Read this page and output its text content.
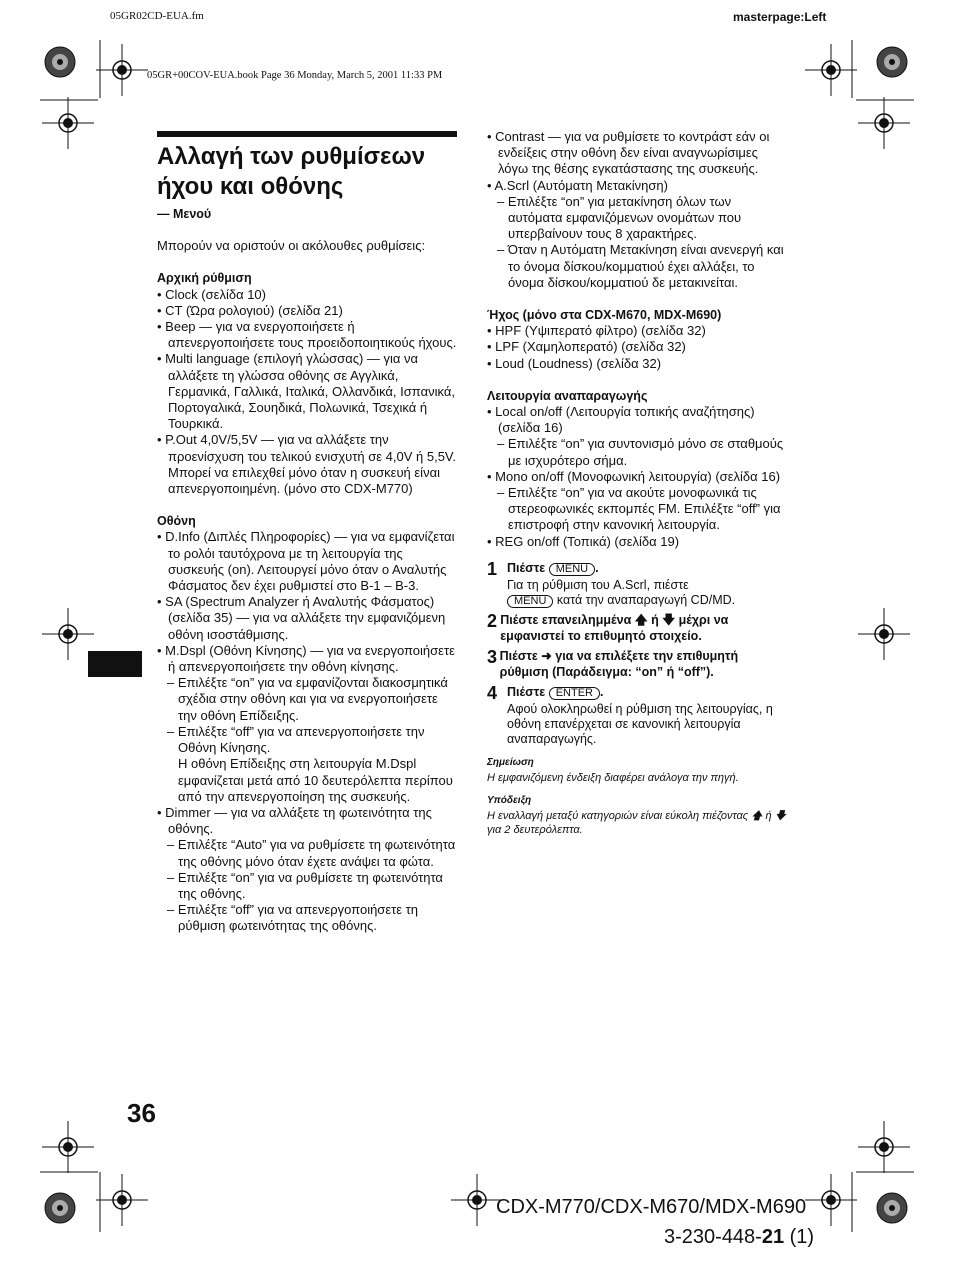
05GR02CD-EUA.fm	masterpage:Left
05GR+00COV-EUA.book Page 36 Monday, March 5, 2001 11:33 PM
Αλλαγή των ρυθμίσεων ήχου και οθόνης

— Μενού

Μπορούν να οριστούν οι ακόλουθες ρυθμίσεις:

Αρχική ρύθμιση

• Clock (σελίδα 10)

• CT (Ώρα ρολογιού) (σελίδα 21)

• Beep — για να ενεργοποιήσετε ή απενεργοποιήσετε τους προειδοποιητικούς ήχους.

• Multi language (επιλογή γλώσσας) — για να αλλάξετε τη γλώσσα οθόνης σε Αγγλικά, Γερμανικά, Γαλλικά, Ιταλικά, Ολλανδικά, Ισπανικά, Πορτογαλικά, Σουηδικά, Πολωνικά, Τσεχικά ή Τουρκικά.

• P.Out 4,0V/5,5V — για να αλλάξετε την προενίσχυση του τελικού ενισχυτή σε 4,0V ή 5,5V. Μπορεί να επιλεχθεί μόνο όταν η συσκευή είναι απενεργοποιημένη. (μόνο στο CDX-M770)

Οθόνη

• D.Info (Διπλές Πληροφορίες) — για να εμφανίζεται το ρολόι ταυτόχρονα με τη λειτουργία της συσκευής (on). Λειτουργεί μόνο όταν ο Αναλυτής Φάσματος δεν έχει ρυθμιστεί στο B-1 – B-3.

• SA (Spectrum Analyzer ή Αναλυτής Φάσματος) (σελίδα 35) — για να αλλάξετε την εμφανιζόμενη οθόνη ισοστάθμισης.

• M.Dspl (Οθόνη Κίνησης) — για να ενεργοποιήσετε ή απενεργοποιήσετε την οθόνη κίνησης.

– Επιλέξτε “on” για να εμφανίζονται διακοσμητικά σχέδια στην οθόνη και για να ενεργοποιήσετε την οθόνη Επίδειξης.

– Επιλέξτε “off” για να απενεργοποιήσετε την Οθόνη Κίνησης.

Η οθόνη Επίδειξης στη λειτουργία M.Dspl εμφανίζεται μετά από 10 δευτερόλεπτα περίπου από την απενεργοποίηση της συσκευής.

• Dimmer — για να αλλάξετε τη φωτεινότητα της οθόνης.

– Επιλέξτε “Auto” για να ρυθμίσετε τη φωτεινότητα της οθόνης μόνο όταν έχετε ανάψει τα φώτα.

– Επιλέξτε “on” για να ρυθμίσετε τη φωτεινότητα της οθόνης.

– Επιλέξτε “off” για να απενεργοποιήσετε τη ρύθμιση φωτεινότητας της οθόνης.

• Contrast — για να ρυθμίσετε το κοντράστ εάν οι ενδείξεις στην οθόνη δεν είναι αναγνωρίσιμες λόγω της θέσης εγκατάστασης της συσκευής.

• A.Scrl (Αυτόματη Μετακίνηση)

– Επιλέξτε “on” για μετακίνηση όλων των αυτόματα εμφανιζόμενων ονομάτων που υπερβαίνουν τους 8 χαρακτήρες.

– Όταν η Αυτόματη Μετακίνηση είναι ανενεργή και το όνομα δίσκου/κομματιού έχει αλλάξει, το όνομα δίσκου/κομματιού δε μετακινείται.

Ήχος (μόνο στα CDX-M670, MDX-M690)

• HPF (Υψιπερατό φίλτρο) (σελίδα 32)

• LPF (Χαμηλοπερατό) (σελίδα 32)

• Loud (Loudness) (σελίδα 32)

Λειτουργία αναπαραγωγής

• Local on/off (Λειτουργία τοπικής αναζήτησης) (σελίδα 16)

– Επιλέξτε “on” για συντονισμό μόνο σε σταθμούς με ισχυρότερο σήμα.

• Mono on/off (Μονοφωνική λειτουργία) (σελίδα 16)

– Επιλέξτε “on” για να ακούτε μονοφωνικά τις στερεοφωνικές εκπομπές FM. Επιλέξτε “off” για επιστροφή στην κανονική λειτουργία.

• REG on/off (Τοπικά) (σελίδα 19)

1 Πιέστε MENU .

Για τη ρύθμιση του A.Scrl, πιέστε
MENU κατά την αναπαραγωγή CD/MD.

2 Πιέστε επανειλημμένα 🡅 ή 🡇 μέχρι να εμφανιστεί το επιθυμητό στοιχείο.
3 Πιέστε ➜ για να επιλέξετε την επιθυμητή ρύθμιση (Παράδειγμα: “on” ή “off”).
4 Πιέστε ENTER .

Αφού ολοκληρωθεί η ρύθμιση της λειτουργίας, η οθόνη επανέρχεται σε κανονική λειτουργία αναπαραγωγής.

Σημείωση

Η εμφανιζόμενη ένδειξη διαφέρει ανάλογα την πηγή.

Υπόδειξη

Η εναλλαγή μεταξύ κατηγοριών είναι εύκολη πιέζοντας 🡅 ή 🡇 για 2 δευτερόλεπτα.

36
CDX-M770/CDX-M670/MDX-M690
3-230-448-21 (1)
